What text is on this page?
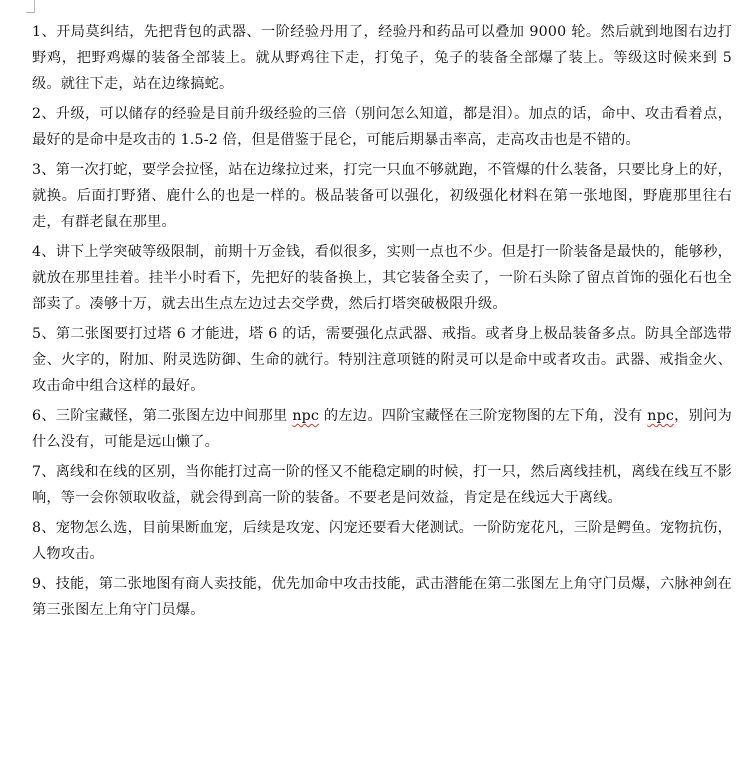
1、开局莫纠结，先把背包的武器、一阶经验丹用了，经验丹和药品可以叠加 9000 轮。然后就到地图右边打野鸡，把野鸡爆的装备全部装上。就从野鸡往下走，打兔子，兔子的装备全部爆了装上。等级这时候来到 5 级。就往下走，站在边缘搞蛇。

2、升级，可以储存的经验是目前升级经验的三倍（别问怎么知道，都是泪）。加点的话，命中、攻击看着点，最好的是命中是攻击的 1.5-2 倍，但是借鉴于昆仑，可能后期暴击率高，走高攻击也是不错的。

3、第一次打蛇，要学会拉怪，站在边缘拉过来，打完一只血不够就跑，不管爆的什么装备，只要比身上的好，就换。后面打野猪、鹿什么的也是一样的。极品装备可以强化，初级强化材料在第一张地图，野鹿那里往右走，有群老鼠在那里。

4、讲下上学突破等级限制，前期十万金钱，看似很多，实则一点也不少。但是打一阶装备是最快的，能够秒，就放在那里挂着。挂半小时看下，先把好的装备换上，其它装备全卖了，一阶石头除了留点首饰的强化石也全部卖了。凑够十万，就去出生点左边过去交学费，然后打塔突破极限升级。

5、第二张图要打过塔 6 才能进，塔 6 的话，需要强化点武器、戒指。或者身上极品装备多点。防具全部选带金、火字的，附加、附灵选防御、生命的就行。特别注意项链的附灵可以是命中或者攻击。武器、戒指金火、攻击命中组合这样的最好。

6、三阶宝藏怪，第二张图左边中间那里 npc 的左边。四阶宝藏怪在三阶宠物图的左下角，没有 npc，别问为什么没有，可能是远山懒了。

7、离线和在线的区别，当你能打过高一阶的怪又不能稳定刷的时候，打一只，然后离线挂机，离线在线互不影响，等一会你领取收益，就会得到高一阶的装备。不要老是问效益，肯定是在线远大于离线。

8、宠物怎么选，目前果断血宠，后续是攻宠、闪宠还要看大佬测试。一阶防宠花凡，三阶是鳄鱼。宠物抗伤，人物攻击。

9、技能，第二张地图有商人卖技能，优先加命中攻击技能，武击潜能在第二张图左上角守门员爆，六脉神剑在第三张图左上角守门员爆。
